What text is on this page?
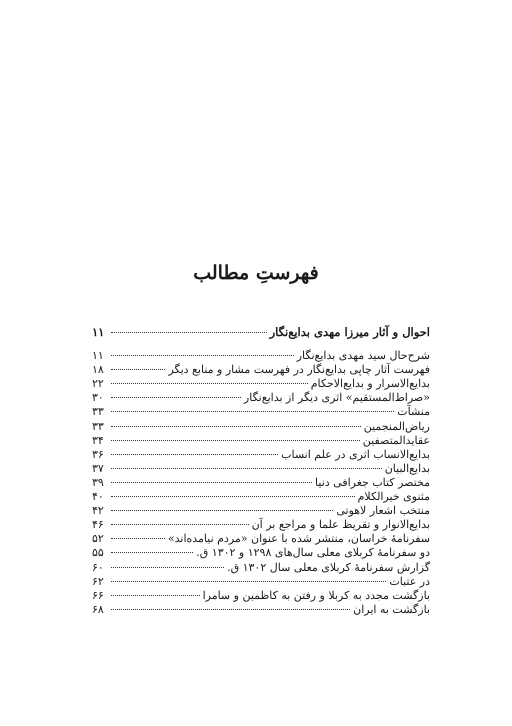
فهرستِ مطالب
احوال و آثار میرزا مهدی بدایع‌نگار
۱۱
شرح‌حال سید مهدی بدایع‌نگار
۱۱
فهرست آثار چاپی بدایع‌نگار در فهرست مشار و منابع دیگر
۱۸
بدایع‌الاسرار و بدایع‌الاحکام
۲۲
«صراط‌المستقیم» اثری دیگر از بدایع‌نگار
۳۰
منشآت
۳۳
ریاض‌المنجمین
۳۳
عقاید‌المتصفین
۳۴
بدایع‌الانساب اثری در علم انساب
۳۶
بدایع‌البیان
۳۷
مختصر کتاب جغرافی دنیا
۳۹
مثنوی خیرالکلام
۴۰
منتخب اشعار لاهوتی
۴۲
بدایع‌الانوار و تقریظ علما و مراجع بر آن
۴۶
سفرنامۀ خراسان، منتشر شده با عنوان «مردم نیامده‌اند»
۵۲
دو سفرنامۀ کربلای معلی سال‌های ۱۲۹۸ و ۱۳۰۲ ق.
۵۵
گزارش سفرنامۀ کربلای معلی سال ۱۳۰۲ ق.
۶۰
در عتبات
۶۲
بازگشت مجدد به کربلا و رفتن به کاظمین و سامرا
۶۶
بازگشت به ایران
۶۸
